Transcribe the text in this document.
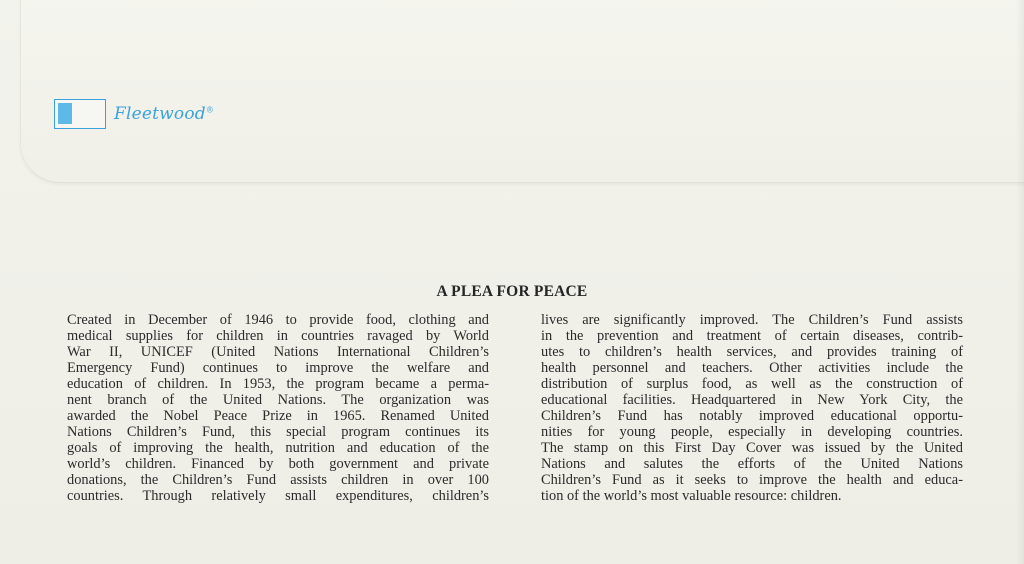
Fleetwood®
A PLEA FOR PEACE
Created in December of 1946 to provide food, clothing and
medical supplies for children in countries ravaged by World
War II, UNICEF (United Nations International Children’s
Emergency Fund) continues to improve the welfare and
education of children. In 1953, the program became a perma-
nent branch of the United Nations. The organization was
awarded the Nobel Peace Prize in 1965. Renamed United
Nations Children’s Fund, this special program continues its
goals of improving the health, nutrition and education of the
world’s children. Financed by both government and private
donations, the Children’s Fund assists children in over 100
countries. Through relatively small expenditures, children’s
lives are significantly improved. The Children’s Fund assists
in the prevention and treatment of certain diseases, contrib-
utes to children’s health services, and provides training of
health personnel and teachers. Other activities include the
distribution of surplus food, as well as the construction of
educational facilities. Headquartered in New York City, the
Children’s Fund has notably improved educational opportu-
nities for young people, especially in developing countries.
The stamp on this First Day Cover was issued by the United
Nations and salutes the efforts of the United Nations
Children’s Fund as it seeks to improve the health and educa-
tion of the world’s most valuable resource: children.
